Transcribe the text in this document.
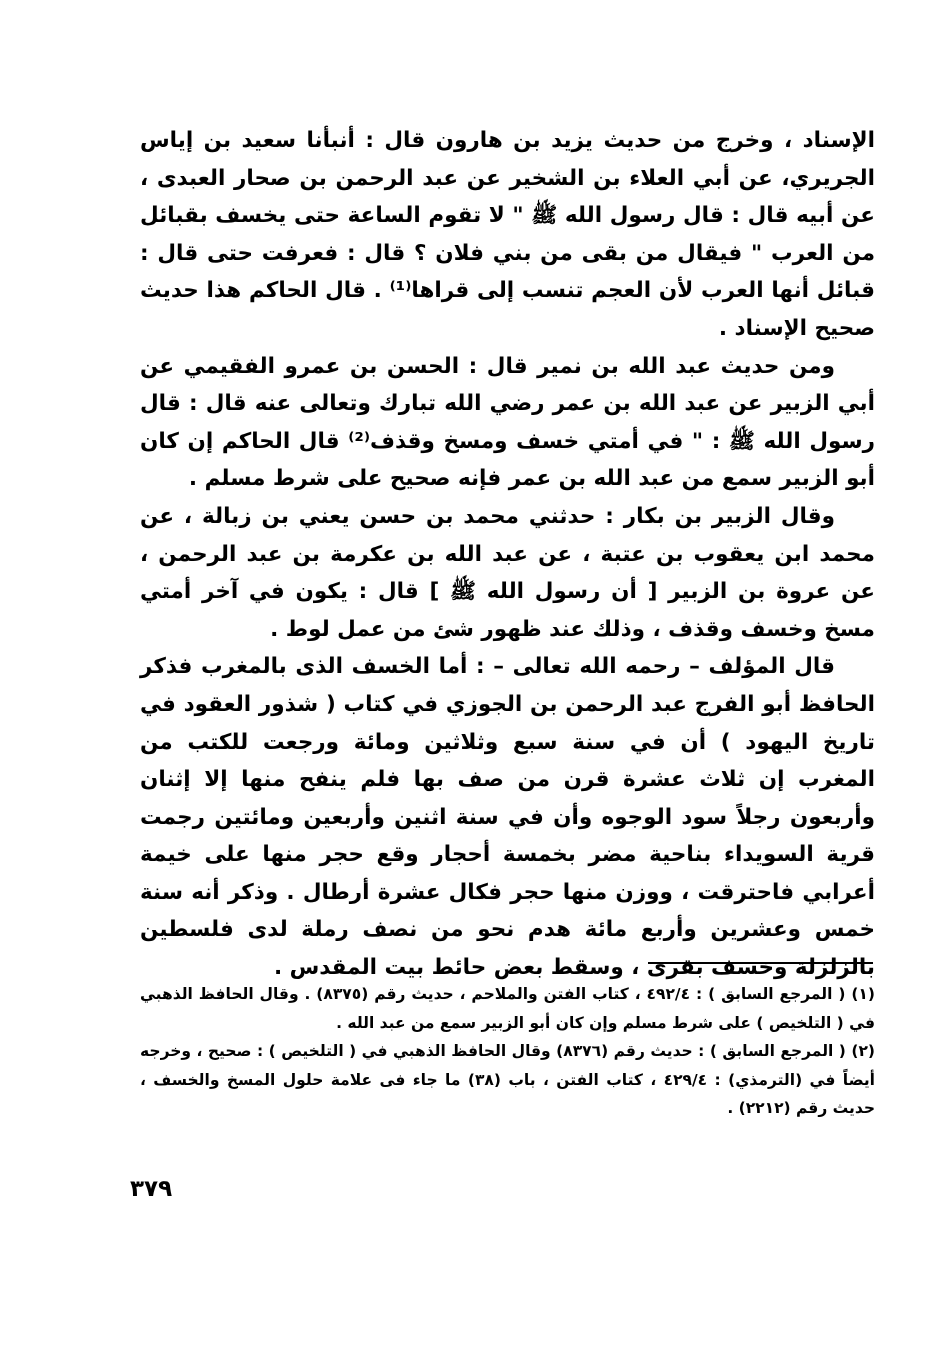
الإسناد ، وخرج من حديث يزيد بن هارون قال : أنبأنا سعيد بن إياس الجريري، عن أبي العلاء بن الشخير عن عبد الرحمن بن صحار العبدى ، عن أبيه قال : قال رسول الله ﷺ " لا تقوم الساعة حتى يخسف بقبائل من العرب " فيقال من بقى من بني فلان ؟ قال : فعرفت حتى قال : قبائل أنها العرب لأن العجم تنسب إلى قراها⁽¹⁾ . قال الحاكم هذا حديث صحيح الإسناد .

ومن حديث عبد الله بن نمير قال : الحسن بن عمرو الفقيمي عن أبي الزبير عن عبد الله بن عمر رضي الله تبارك وتعالى عنه قال : قال رسول الله ﷺ : " في أمتي خسف ومسخ وقذف⁽²⁾ قال الحاكم إن كان أبو الزبير سمع من عبد الله بن عمر فإنه صحيح على شرط مسلم .

وقال الزبير بن بكار : حدثني محمد بن حسن يعني بن زبالة ، عن محمد ابن يعقوب بن عتبة ، عن عبد الله بن عكرمة بن عبد الرحمن ، عن عروة بن الزبير [ أن رسول الله ﷺ ] قال : يكون في آخر أمتي مسخ وخسف وقذف ، وذلك عند ظهور شئ من عمل لوط .

قال المؤلف – رحمه الله تعالى – : أما الخسف الذى بالمغرب فذكر الحافظ أبو الفرج عبد الرحمن بن الجوزي في كتاب ( شذور العقود في تاريخ اليهود ) أن في سنة سبع وثلاثين ومائة ورجعت للكتب من المغرب إن ثلاث عشرة قرن من صف بها فلم ينفح منها إلا إثنان وأربعون رجلاً سود الوجوه وأن في سنة اثنين وأربعين ومائتين رجمت قرية السويداء بناحية مضر بخمسة أحجار وقع حجر منها على خيمة أعرابي فاحترقت ، ووزن منها حجر فكال عشرة أرطال . وذكر أنه سنة خمس وعشرين وأربع مائة هدم نحو من نصف رملة لدى فلسطين بالزلزلة وخسف بقرى ، وسقط بعض حائط بيت المقدس .

(١) ( المرجع السابق ) : ٤٩٢/٤ ، كتاب الفتن والملاحم ، حديث رقم (٨٣٧٥) . وقال الحافظ الذهبي في ( التلخيص ) على شرط مسلم وإن كان أبو الزبير سمع من عبد الله .

(٢) ( المرجع السابق ) : حديث رقم (٨٣٧٦) وقال الحافظ الذهبي في ( التلخيص ) : صحيح ، وخرجه أيضاً في (الترمذي) : ٤٢٩/٤ ، كتاب الفتن ، باب (٣٨) ما جاء فى علامة حلول المسخ والخسف ، حديث رقم (٢٢١٢) .

٣٧٩
